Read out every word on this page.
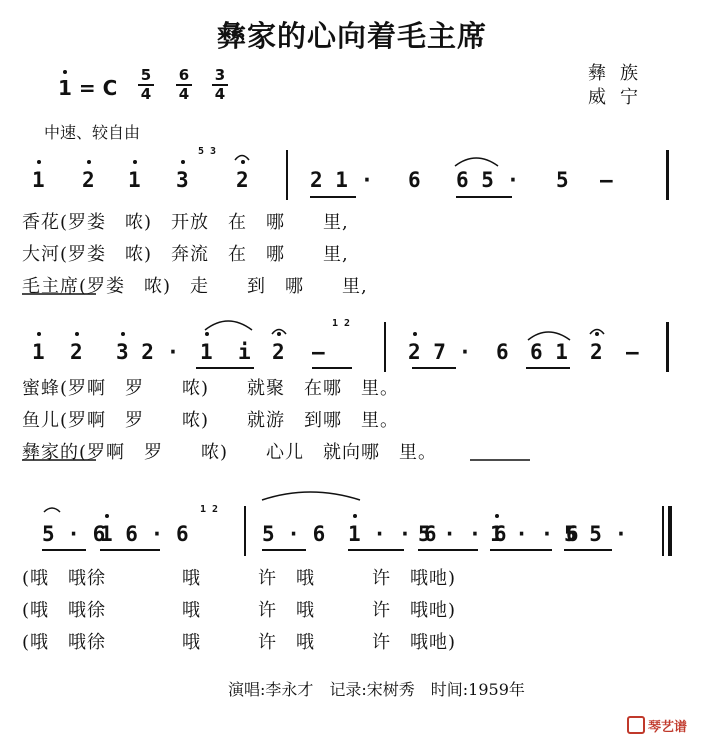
彝家的心向着毛主席
1 = C
5
4
6
4
3
4
彝族
威宁
中速、较自由
1 2 1 3 2
5 3
2 1 · 6 6 5 · 5 —
香花(罗娄　哝)　开放　在　哪　　里,
大河(罗娄　哝)　奔流　在　哪　　里,
毛主席(罗娄　哝)　走　　到　哪　　里,
1 2 3 2 · 1 i 2 —
1 2
2 7 · 6 6 1 2 —
蜜蜂(罗啊　罗　　哝)　　就聚　在哪　里。
鱼儿(罗啊　罗　　哝)　　就游　到哪　里。
彝家的(罗啊　罗　　哝)　　心儿　就向哪　里。
5 · 6
1 6 · 6
1 2
5 · 6 1 · · 6
5 · · 6
1 · · 6
5 5 ·
(哦　哦徐　　　　哦　　　许　哦　　　许　哦吔)
(哦　哦徐　　　　哦　　　许　哦　　　许　哦吔)
(哦　哦徐　　　　哦　　　许　哦　　　许　哦吔)
演唱:李永才　记录:宋树秀　时间:1959年
琴艺谱
